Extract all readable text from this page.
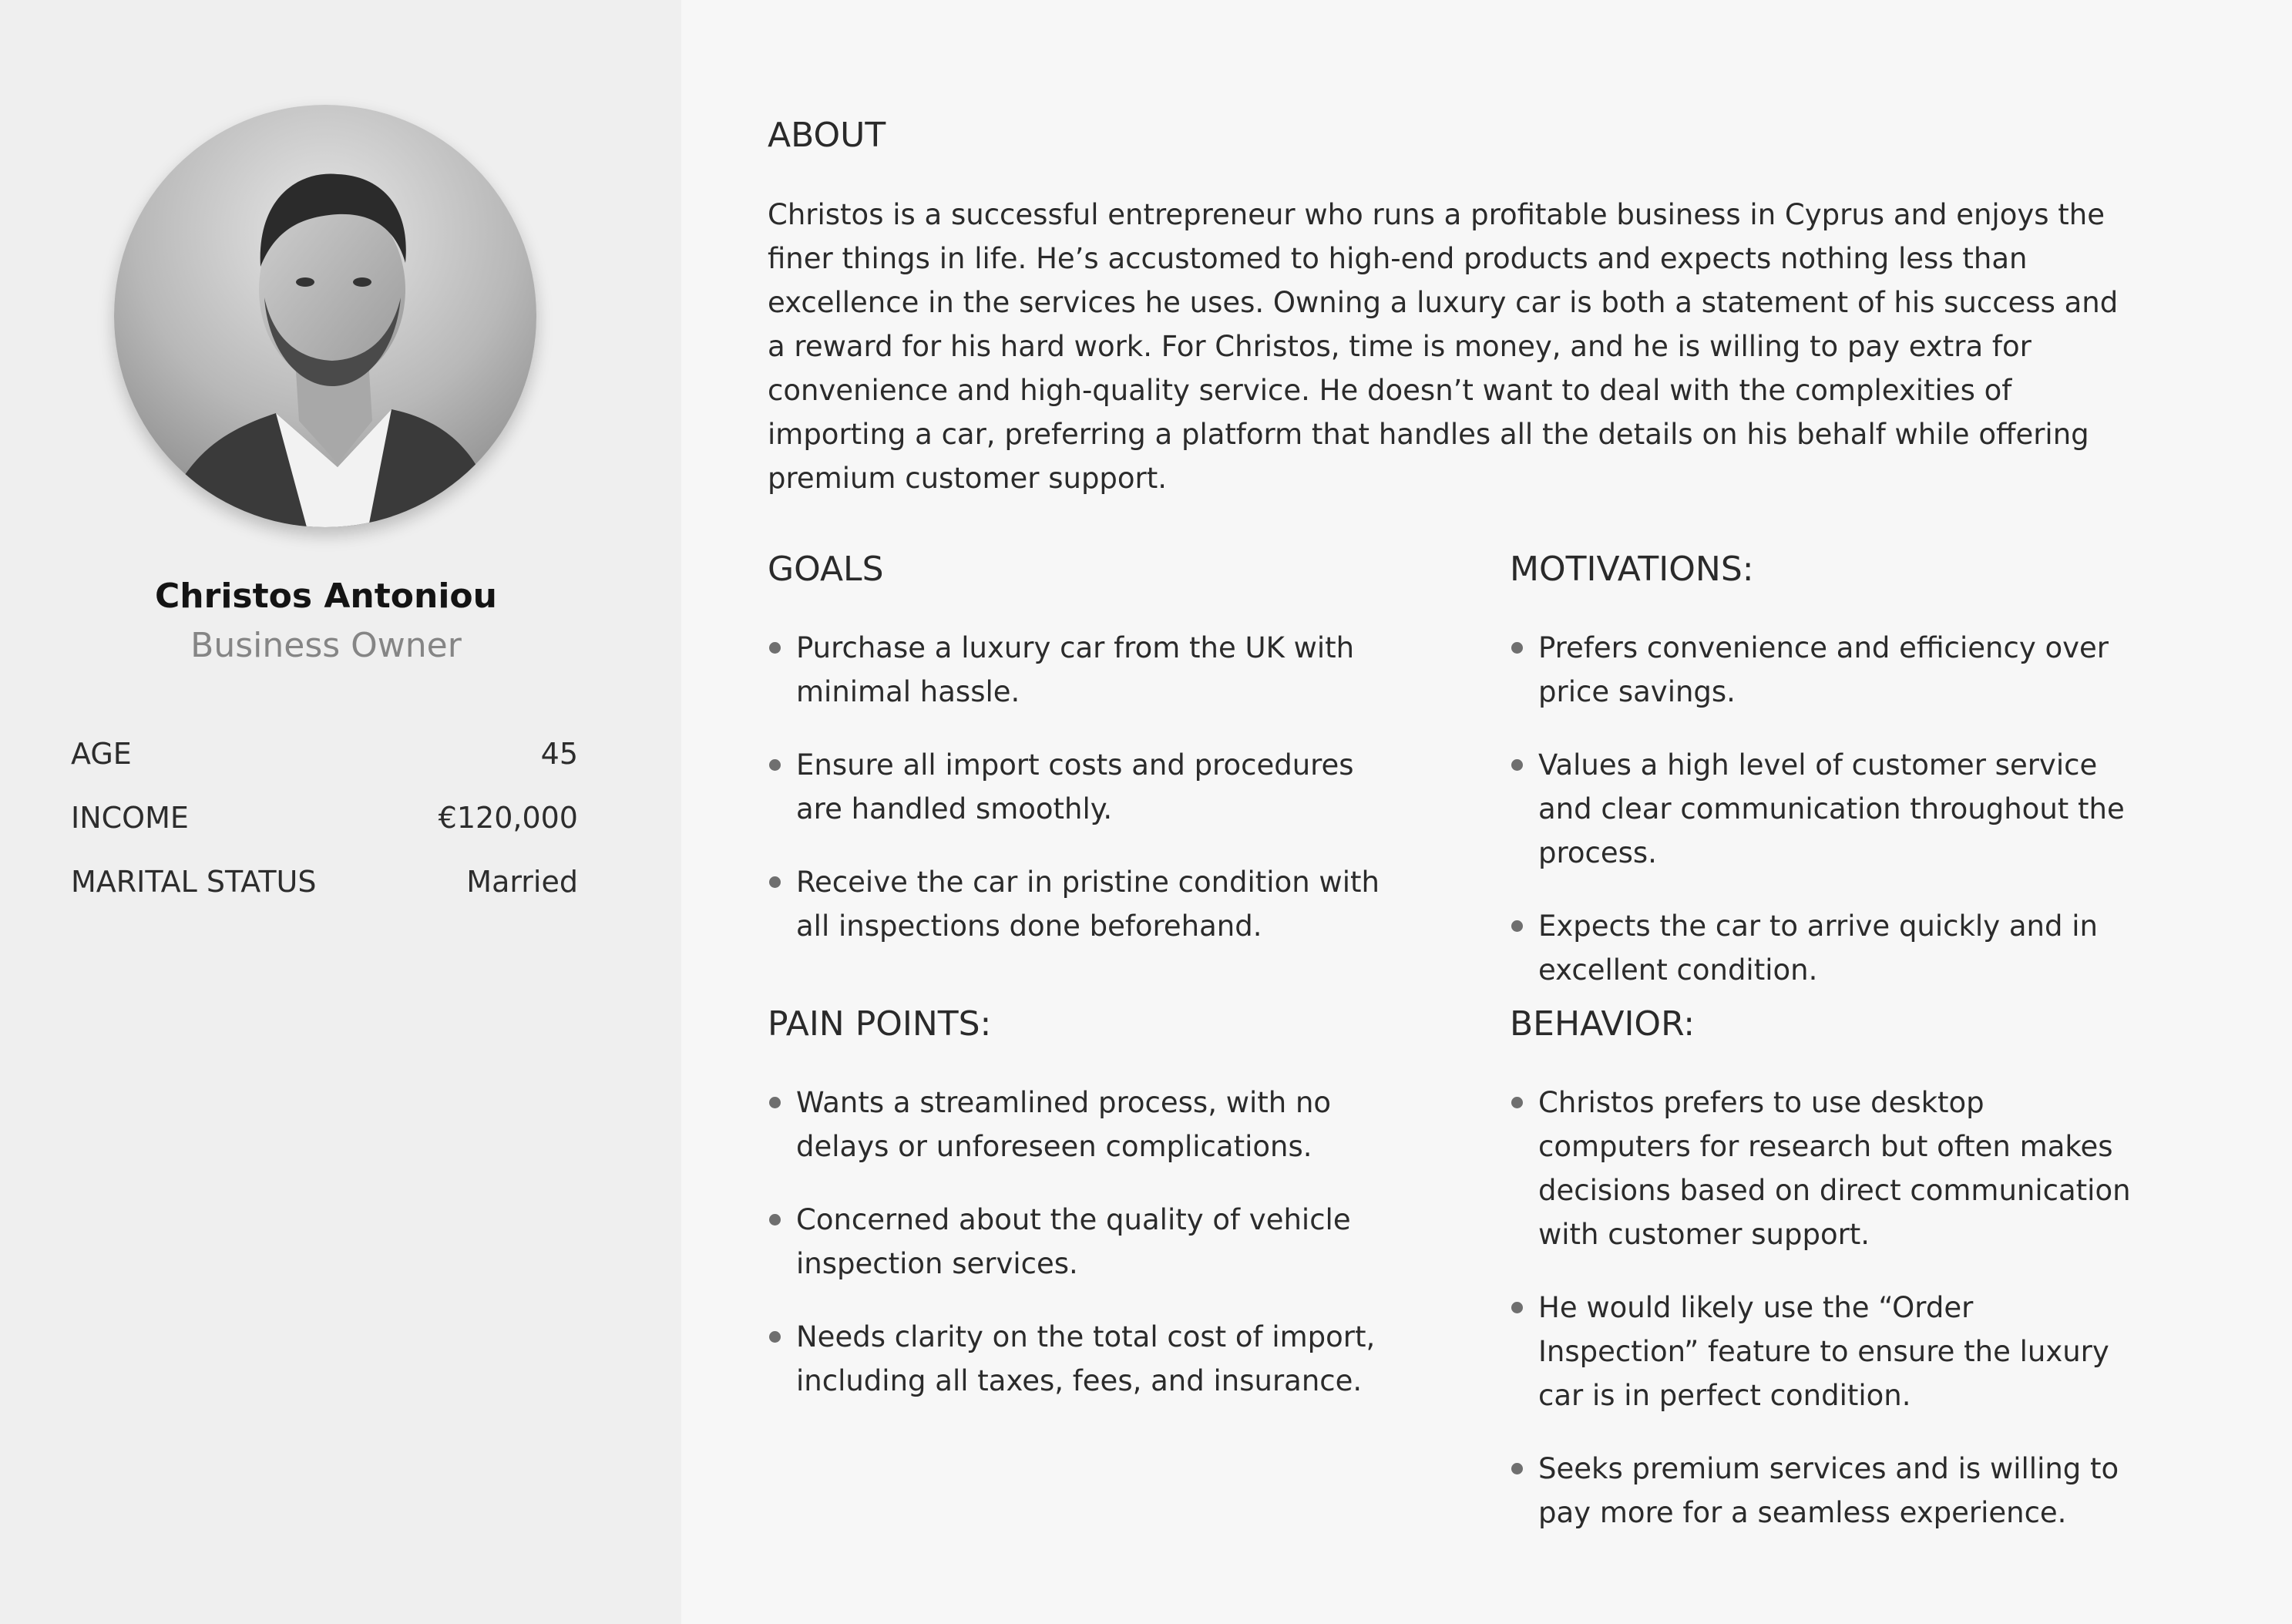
Christos Antoniou
Business Owner
AGE	45
INCOME	€120,000
MARITAL STATUS	Married
ABOUT

Christos is a successful entrepreneur who runs a profitable business in Cyprus and enjoys the finer things in life. He’s accustomed to high-end products and expects nothing less than excellence in the services he uses. Owning a luxury car is both a statement of his success and a reward for his hard work. For Christos, time is money, and he is willing to pay extra for convenience and high-quality service. He doesn’t want to deal with the complexities of importing a car, preferring a platform that handles all the details on his behalf while offering premium customer support.

GOALS
Purchase a luxury car from the UK with minimal hassle.
Ensure all import costs and procedures are handled smoothly.
Receive the car in pristine condition with all inspections done beforehand.
MOTIVATIONS:
Prefers convenience and efficiency over price savings.
Values a high level of customer service and clear communication throughout the process.
Expects the car to arrive quickly and in excellent condition.
PAIN POINTS:
Wants a streamlined process, with no delays or unforeseen complications.
Concerned about the quality of vehicle inspection services.
Needs clarity on the total cost of import, including all taxes, fees, and insurance.
BEHAVIOR:
Christos prefers to use desktop computers for research but often makes decisions based on direct communication with customer support.
He would likely use the “Order Inspection” feature to ensure the luxury car is in perfect condition.
Seeks premium services and is willing to pay more for a seamless experience.
